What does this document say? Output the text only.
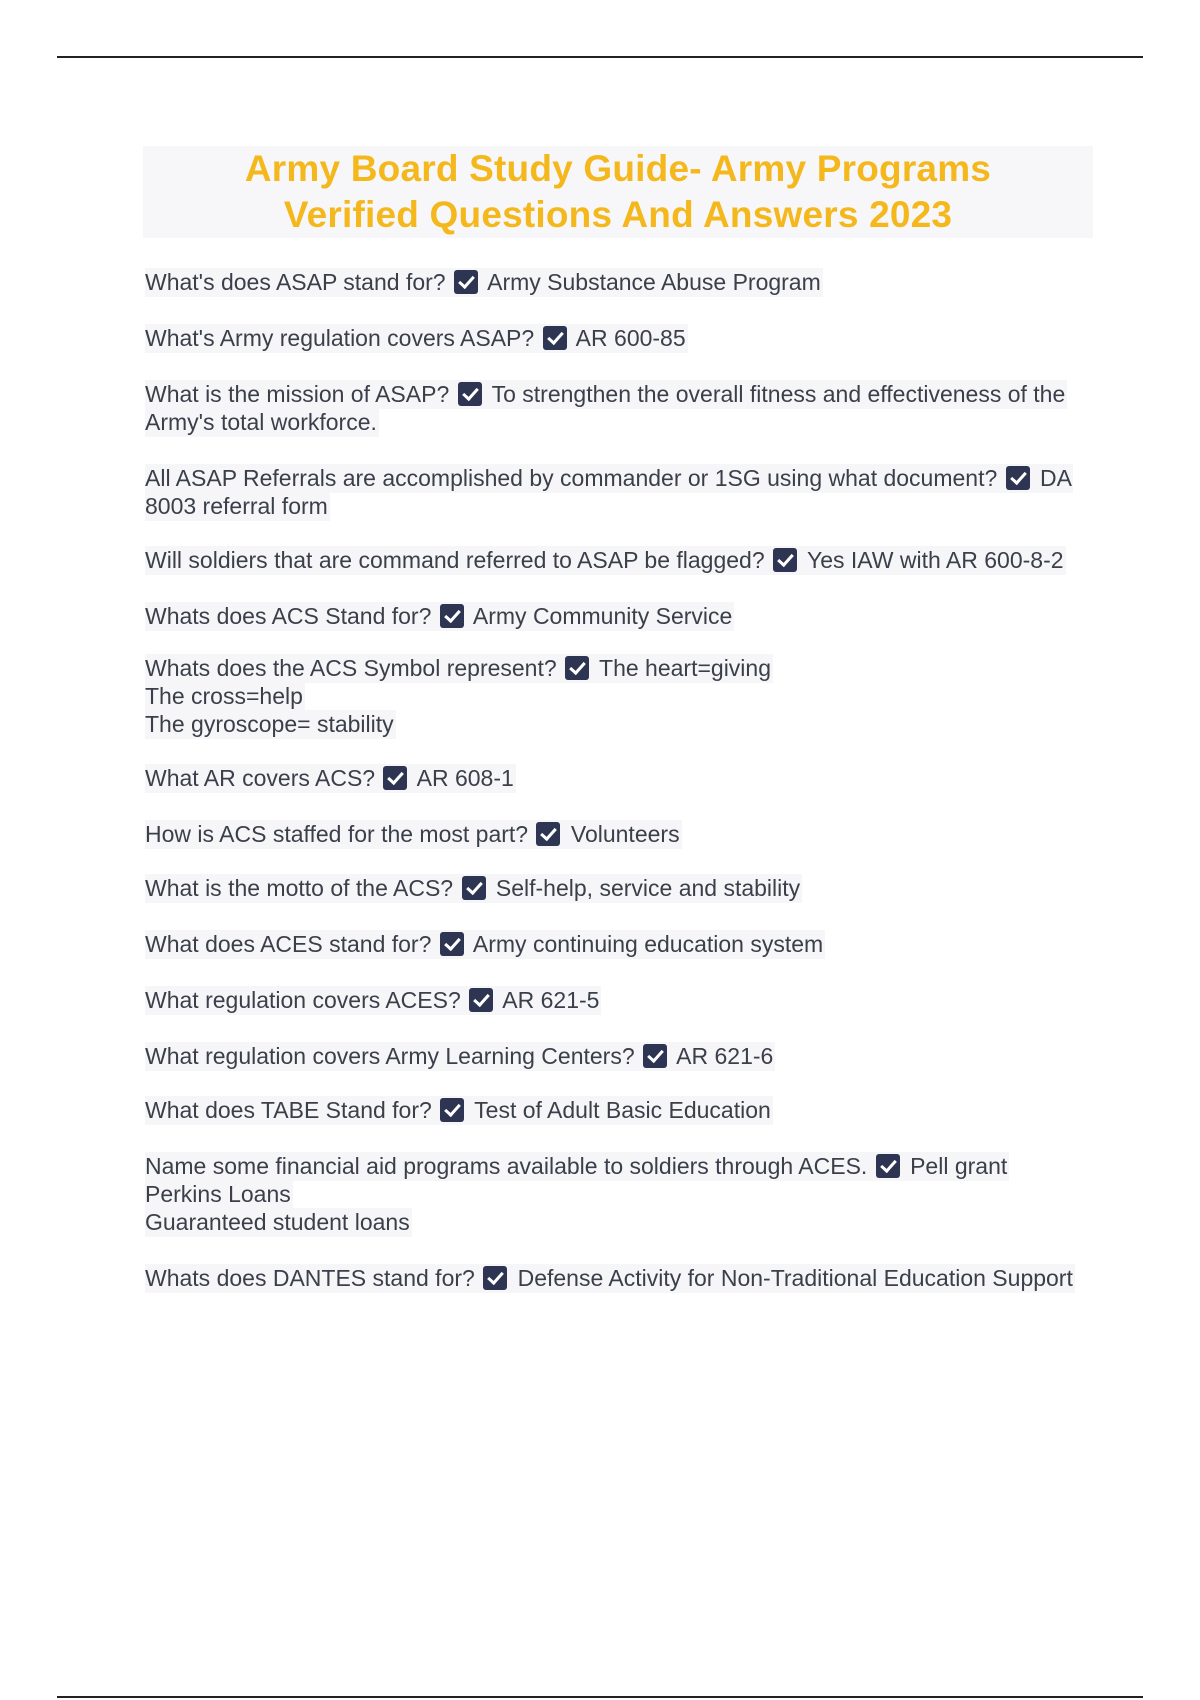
Army Board Study Guide- Army Programs
Verified Questions And Answers 2023

What's does ASAP stand for?  Army Substance Abuse Program

What's Army regulation covers ASAP?  AR 600-85

What is the mission of ASAP?  To strengthen the overall fitness and effectiveness of the Army's total workforce.

All ASAP Referrals are accomplished by commander or 1SG using what document?  DA 8003 referral form

Will soldiers that are command referred to ASAP be flagged?  Yes IAW with AR 600-8-2

Whats does ACS Stand for?  Army Community Service

Whats does the ACS Symbol represent?  The heart=giving
The cross=help
The gyroscope= stability

What AR covers ACS?  AR 608-1

How is ACS staffed for the most part?  Volunteers

What is the motto of the ACS?  Self-help, service and stability

What does ACES stand for?  Army continuing education system

What regulation covers ACES?  AR 621-5

What regulation covers Army Learning Centers?  AR 621-6

What does TABE Stand for?  Test of Adult Basic Education

Name some financial aid programs available to soldiers through ACES.  Pell grant
Perkins Loans
Guaranteed student loans

Whats does DANTES stand for?  Defense Activity for Non-Traditional Education Support
